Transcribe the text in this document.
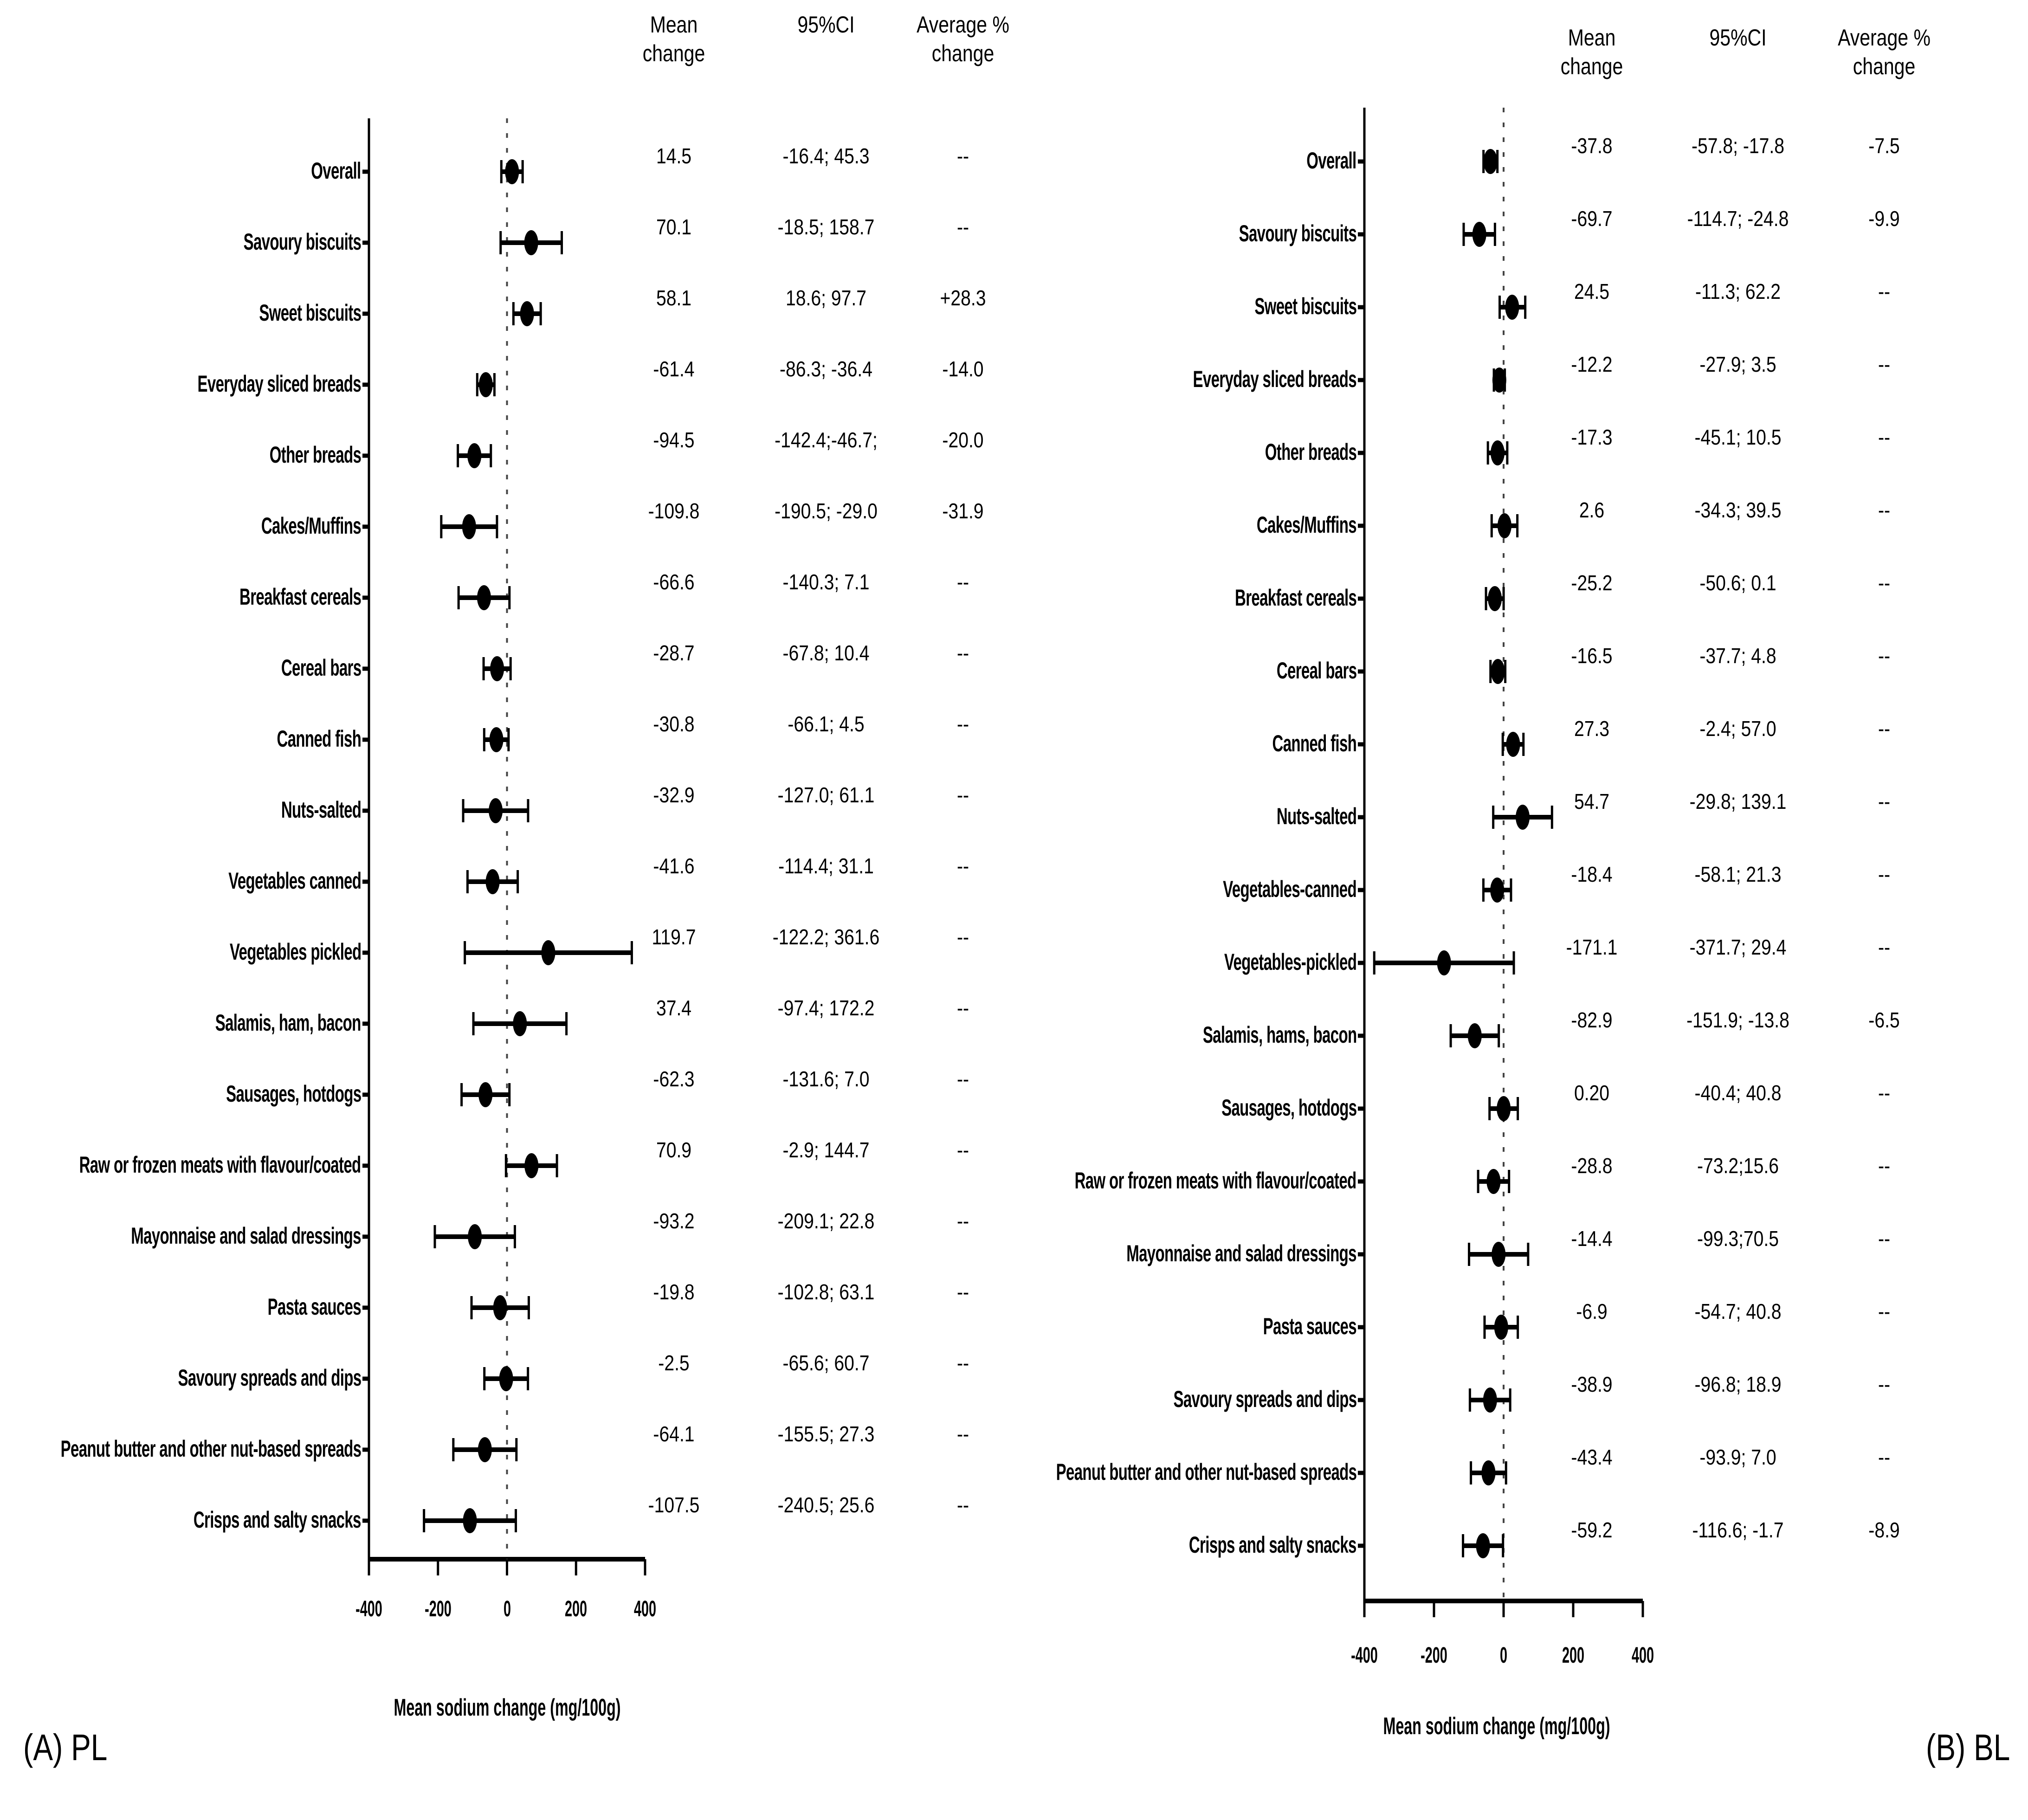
Mean
change
95%CI	Average %
change
Mean sodium change (mg/100g)
(A) PL
Overall
14.5	-16.4; 45.3	--
Savoury biscuits
70.1	-18.5; 158.7	--
Sweet biscuits
58.1	18.6; 97.7	+28.3
Everyday sliced breads
-61.4	-86.3; -36.4	-14.0
Other breads
-94.5	-142.4;-46.7;	-20.0
Cakes/Muffins
-109.8	-190.5; -29.0	-31.9
Breakfast cereals
-66.6	-140.3; 7.1	--
Cereal bars
-28.7	-67.8; 10.4	--
Canned fish
-30.8	-66.1; 4.5	--
Nuts-salted
-32.9	-127.0; 61.1	--
Vegetables canned
-41.6	-114.4; 31.1	--
Vegetables pickled
119.7	-122.2; 361.6	--
Salamis, ham, bacon
37.4	-97.4; 172.2	--
Sausages, hotdogs
-62.3	-131.6; 7.0	--
Raw or frozen meats with flavour/coated
70.9	-2.9; 144.7	--
Mayonnaise and salad dressings
-93.2	-209.1; 22.8	--
Pasta sauces
-19.8	-102.8; 63.1	--
Savoury spreads and dips
-2.5	-65.6; 60.7	--
Peanut butter and other nut-based spreads
-64.1	-155.5; 27.3	--
Crisps and salty snacks
-107.5	-240.5; 25.6	--
-400 -200	0	200 400
Mean
change
95%CI	Average %
change
Mean sodium change (mg/100g)
(B) BL
Overall
-37.8	-57.8; -17.8	-7.5
Savoury biscuits
-69.7	-114.7; -24.8	-9.9
Sweet biscuits
24.5	-11.3; 62.2	--
Everyday sliced breads
-12.2	-27.9; 3.5	--
Other breads
-17.3	-45.1; 10.5	--
Cakes/Muffins
2.6	-34.3; 39.5	--
Breakfast cereals
-25.2	-50.6; 0.1	--
Cereal bars
-16.5	-37.7; 4.8	--
Canned fish
27.3	-2.4; 57.0	--
Nuts-salted
54.7	-29.8; 139.1	--
Vegetables-canned
-18.4	-58.1; 21.3	--
Vegetables-pickled
-171.1	-371.7; 29.4	--
Salamis, hams, bacon
-82.9	-151.9; -13.8	-6.5
Sausages, hotdogs
0.20	-40.4; 40.8	--
Raw or frozen meats with flavour/coated
-28.8	-73.2;15.6	--
Mayonnaise and salad dressings
-14.4	-99.3;70.5	--
Pasta sauces
-6.9	-54.7; 40.8	--
Savoury spreads and dips
-38.9	-96.8; 18.9	--
Peanut butter and other nut-based spreads
-43.4	-93.9; 7.0	--
Crisps and salty snacks
-59.2	-116.6; -1.7	-8.9
-400 -200	0	200 400
